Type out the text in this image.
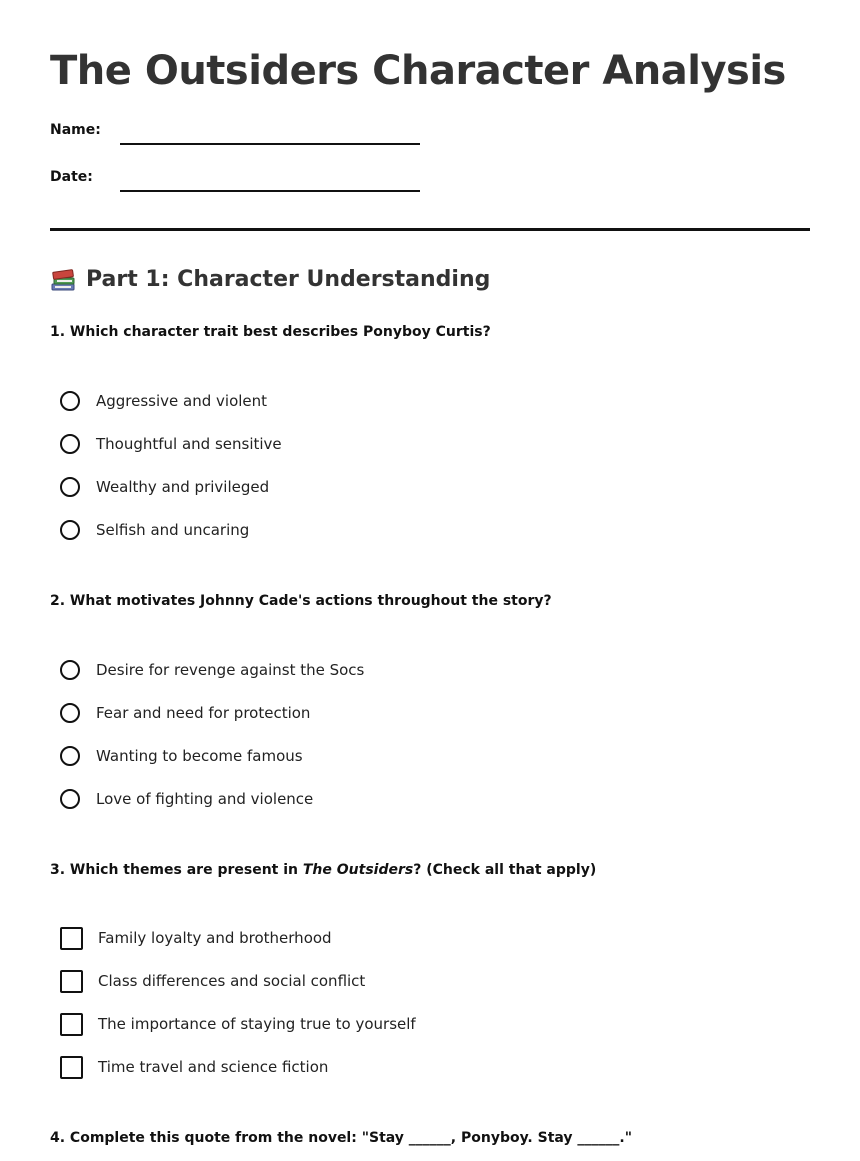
The Outsiders Character Analysis
Name:
Date:
Part 1: Character Understanding
1. Which character trait best describes Ponyboy Curtis?
Aggressive and violent
Thoughtful and sensitive
Wealthy and privileged
Selfish and uncaring
2. What motivates Johnny Cade's actions throughout the story?
Desire for revenge against the Socs
Fear and need for protection
Wanting to become famous
Love of fighting and violence
3. Which themes are present in The Outsiders? (Check all that apply)
Family loyalty and brotherhood
Class differences and social conflict
The importance of staying true to yourself
Time travel and science fiction
4. Complete this quote from the novel: "Stay ______, Ponyboy. Stay ______."
